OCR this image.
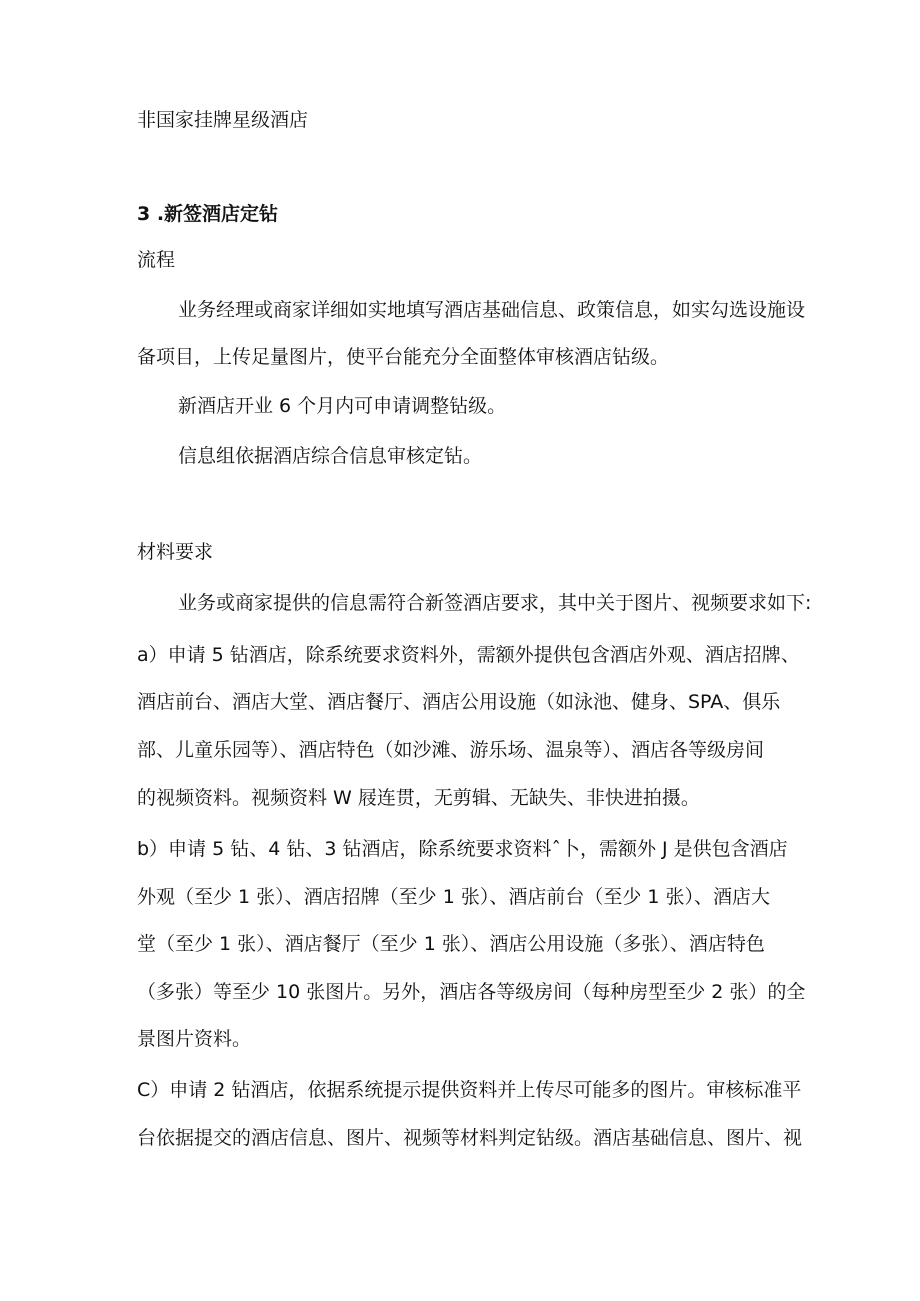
非国家挂牌星级酒店
3 .新签酒店定钻
流程
业务经理或商家详细如实地填写酒店基础信息、政策信息，如实勾选设施设
备项目，上传足量图片，使平台能充分全面整体审核酒店钻级。
新酒店开业 6 个月内可申请调整钻级。
信息组依据酒店综合信息审核定钻。
材料要求
业务或商家提供的信息需符合新签酒店要求，其中关于图片、视频要求如下:
a）申请 5 钻酒店，除系统要求资料外，需额外提供包含酒店外观、酒店招牌、
酒店前台、酒店大堂、酒店餐厅、酒店公用设施（如泳池、健身、SPA、俱乐
部、儿童乐园等）、酒店特色（如沙滩、游乐场、温泉等）、酒店各等级房间
的视频资料。视频资料 W 屐连贯，无剪辑、无缺失、非快进拍摄。
b）申请 5 钻、4 钻、3 钻酒店，除系统要求资料ˆ卜，需额外 J 是供包含酒店
外观（至少 1 张）、酒店招牌（至少 1 张）、酒店前台（至少 1 张）、酒店大
堂（至少 1 张）、酒店餐厅（至少 1 张）、酒店公用设施（多张）、酒店特色
（多张）等至少 10 张图片。另外，酒店各等级房间（每种房型至少 2 张）的全
景图片资料。
C）申请 2 钻酒店，依据系统提示提供资料并上传尽可能多的图片。审核标准平
台依据提交的酒店信息、图片、视频等材料判定钻级。酒店基础信息、图片、视
